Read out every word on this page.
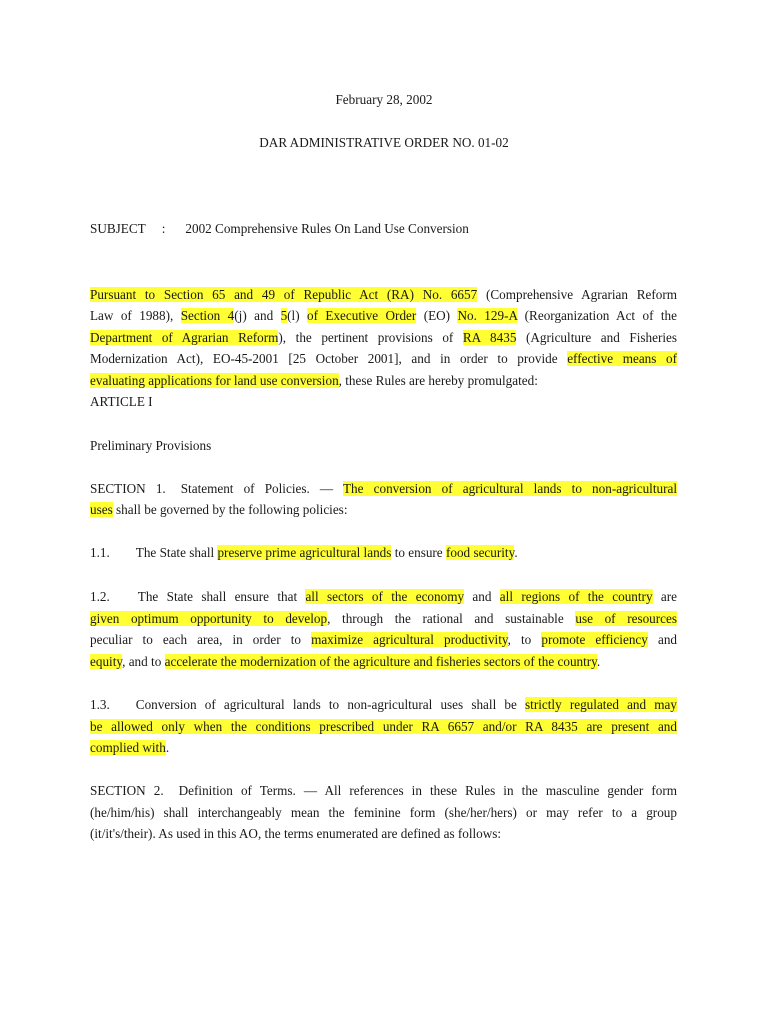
February 28, 2002
DAR ADMINISTRATIVE ORDER NO. 01-02
SUBJECT : 2002 Comprehensive Rules On Land Use Conversion
Pursuant to Section 65 and 49 of Republic Act (RA) No. 6657 (Comprehensive Agrarian Reform
Law of 1988), Section 4(j) and 5(l) of Executive Order (EO) No. 129-A (Reorganization Act of the
Department of Agrarian Reform), the pertinent provisions of RA 8435 (Agriculture and Fisheries
Modernization Act), EO-45-2001 [25 October 2001], and in order to provide effective means of
evaluating applications for land use conversion, these Rules are hereby promulgated:
ARTICLE I
Preliminary Provisions
SECTION 1. Statement of Policies. — The conversion of agricultural lands to non-agricultural
uses shall be governed by the following policies:
1.1. The State shall preserve prime agricultural lands to ensure food security.
1.2. The State shall ensure that all sectors of the economy and all regions of the country are
given optimum opportunity to develop, through the rational and sustainable use of resources
peculiar to each area, in order to maximize agricultural productivity, to promote efficiency and
equity, and to accelerate the modernization of the agriculture and fisheries sectors of the country.
1.3. Conversion of agricultural lands to non-agricultural uses shall be strictly regulated and may
be allowed only when the conditions prescribed under RA 6657 and/or RA 8435 are present and
complied with.
SECTION 2. Definition of Terms. — All references in these Rules in the masculine gender form
(he/him/his) shall interchangeably mean the feminine form (she/her/hers) or may refer to a group
(it/it's/their). As used in this AO, the terms enumerated are defined as follows:
